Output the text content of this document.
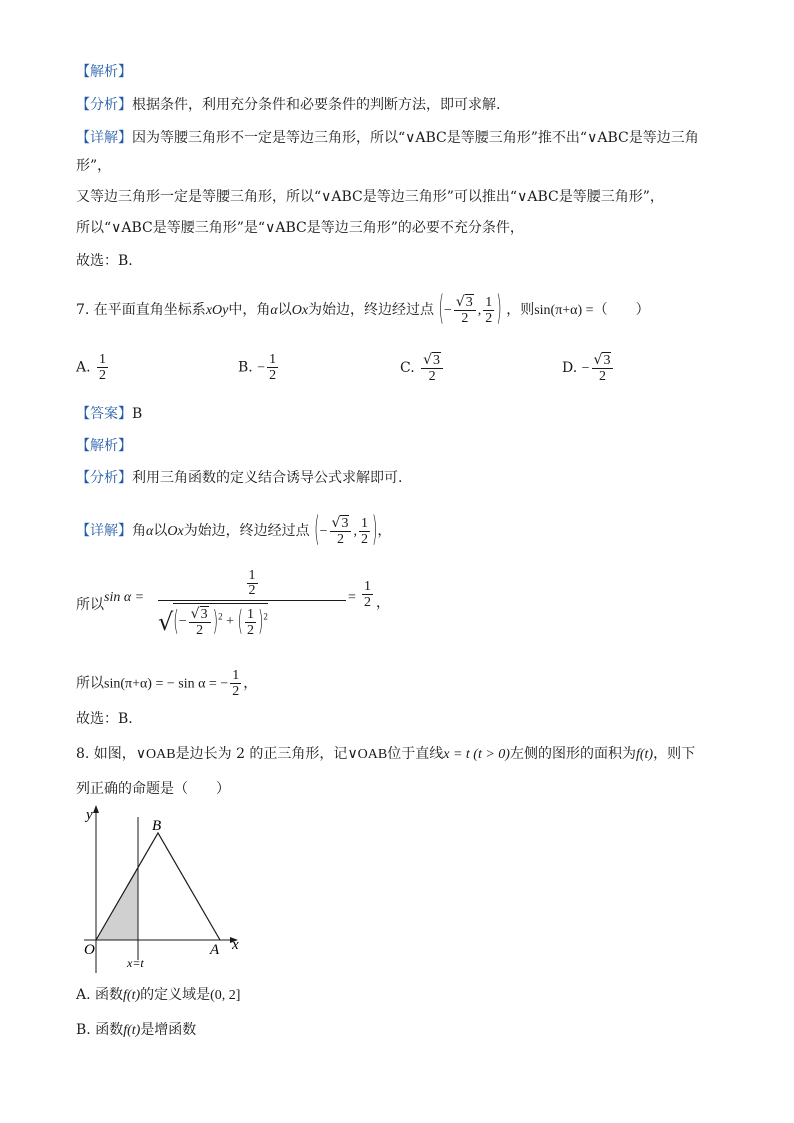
【解析】
【分析】根据条件，利用充分条件和必要条件的判断方法，即可求解.
【详解】因为等腰三角形不一定是等边三角形，所以“∨ABC是等腰三角形”推不出“∨ABC是等边三角
形”，
又等边三角形一定是等腰三角形，所以“∨ABC是等边三角形”可以推出“∨ABC是等腰三角形”，
所以“∨ABC是等腰三角形”是“∨ABC是等边三角形”的必要不充分条件，
故选：B.
7. 在平面直角坐标系xOy中，角α以Ox为始边，终边经过点 (− $\frac{√3}{2}$ , $\frac{1}{2}$ ) ，则sin(π+α) =（　　）
A. $\frac{1}{2}$	B. − $\frac{1}{2}$	C. $\frac{√3}{2}$	D. − $\frac{√3}{2}$
【答案】B
【解析】
【分析】利用三角函数的定义结合诱导公式求解即可.
【详解】角α以Ox为始边，终边经过点 (− $\frac{√3}{2}$ , $\frac{1}{2}$ )，
所以 sin α =	$\frac{1}{2}$
√(− $\frac{√3}{2} )^2$ + ( $\frac{1}{2} )^2$
= $\frac{1}{2}$ ，
所以sin(π+α) = − sin α = − $\frac{1}{2}$ ，
故选：B.
8. 如图，∨OAB是边长为 2 的正三角形，记∨OAB位于直线x = t (t > 0)左侧的图形的面积为f(t)，则下
列正确的命题是（　　）
y
O	A
B
x
x=t
A. 函数f(t)的定义域是(0, 2]
B. 函数f(t)是增函数
